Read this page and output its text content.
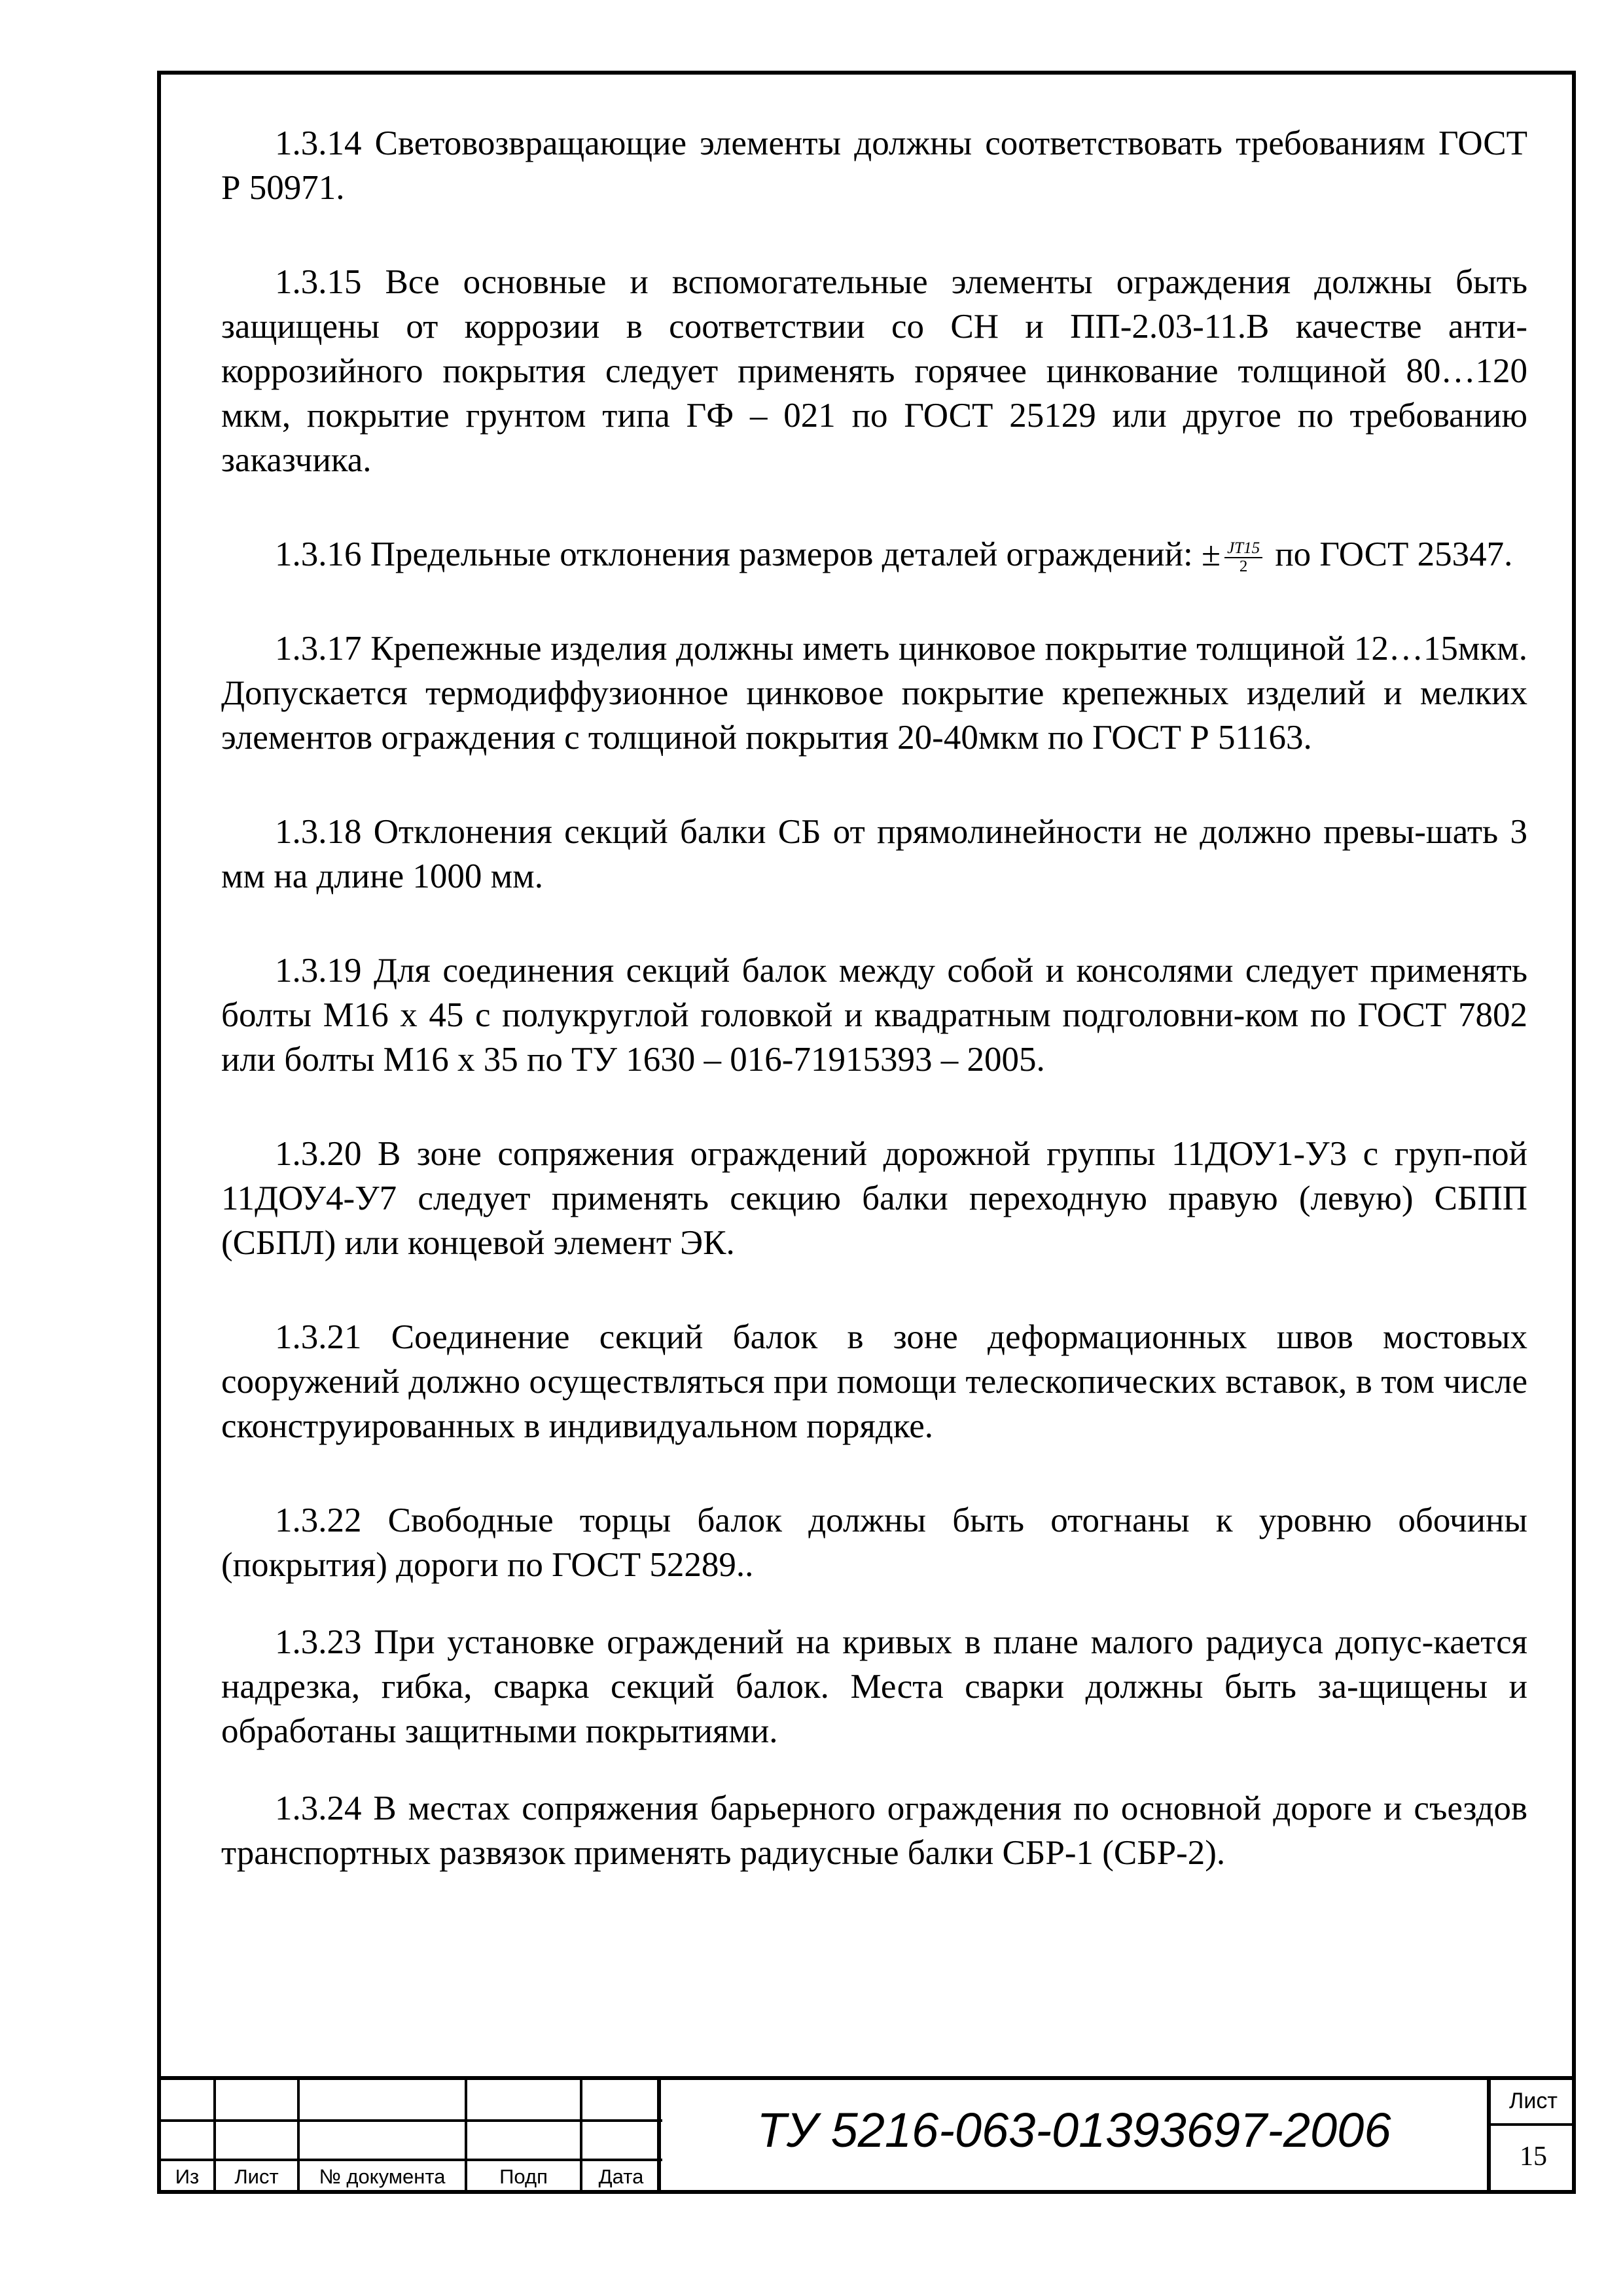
1.3.14 Световозвращающие элементы должны соответствовать требованиям ГОСТ Р 50971.

1.3.15 Все основные и вспомогательные элементы ограждения должны быть защищены от коррозии в соответствии со СН и ПП-2.03-11.В качестве анти-коррозийного покрытия следует применять горячее цинкование толщиной 80…120 мкм, покрытие грунтом типа ГФ – 021 по ГОСТ 25129 или другое по требованию заказчика.

1.3.16 Предельные отклонения размеров деталей ограждений: ± $\frac{JT15}{2}$ по ГОСТ 25347.

1.3.17 Крепежные изделия должны иметь цинковое покрытие толщиной 12…15мкм. Допускается термодиффузионное цинковое покрытие крепежных изделий и мелких элементов ограждения с толщиной покрытия 20-40мкм по ГОСТ Р 51163.

1.3.18 Отклонения секций балки СБ от прямолинейности не должно превы-шать 3 мм на длине 1000 мм.

1.3.19 Для соединения секций балок между собой и консолями следует применять болты М16 х 45 с полукруглой головкой и квадратным подголовни-ком по ГОСТ 7802 или болты М16 х 35 по ТУ 1630 – 016-71915393 – 2005.

1.3.20 В зоне сопряжения ограждений дорожной группы 11ДОУ1-У3 с груп-пой 11ДОУ4-У7 следует применять секцию балки переходную правую (левую) СБПП (СБПЛ) или концевой элемент ЭК.

1.3.21 Соединение секций балок в зоне деформационных швов мостовых сооружений должно осуществляться при помощи телескопических вставок, в том числе сконструированных в индивидуальном порядке.

1.3.22 Свободные торцы балок должны быть отогнаны к уровню обочины (покрытия) дороги по ГОСТ 52289..

1.3.23 При установке ограждений на кривых в плане малого радиуса допус-кается надрезка, гибка, сварка секций балок. Места сварки должны быть за-щищены и обработаны защитными покрытиями.

1.3.24 В местах сопряжения барьерного ограждения по основной дороге и съездов транспортных развязок применять радиусные балки СБР-1 (СБР-2).

Из	Лист	№ документа	Подп	Дата
ТУ 5216-063-01393697-2006
Лист
15
